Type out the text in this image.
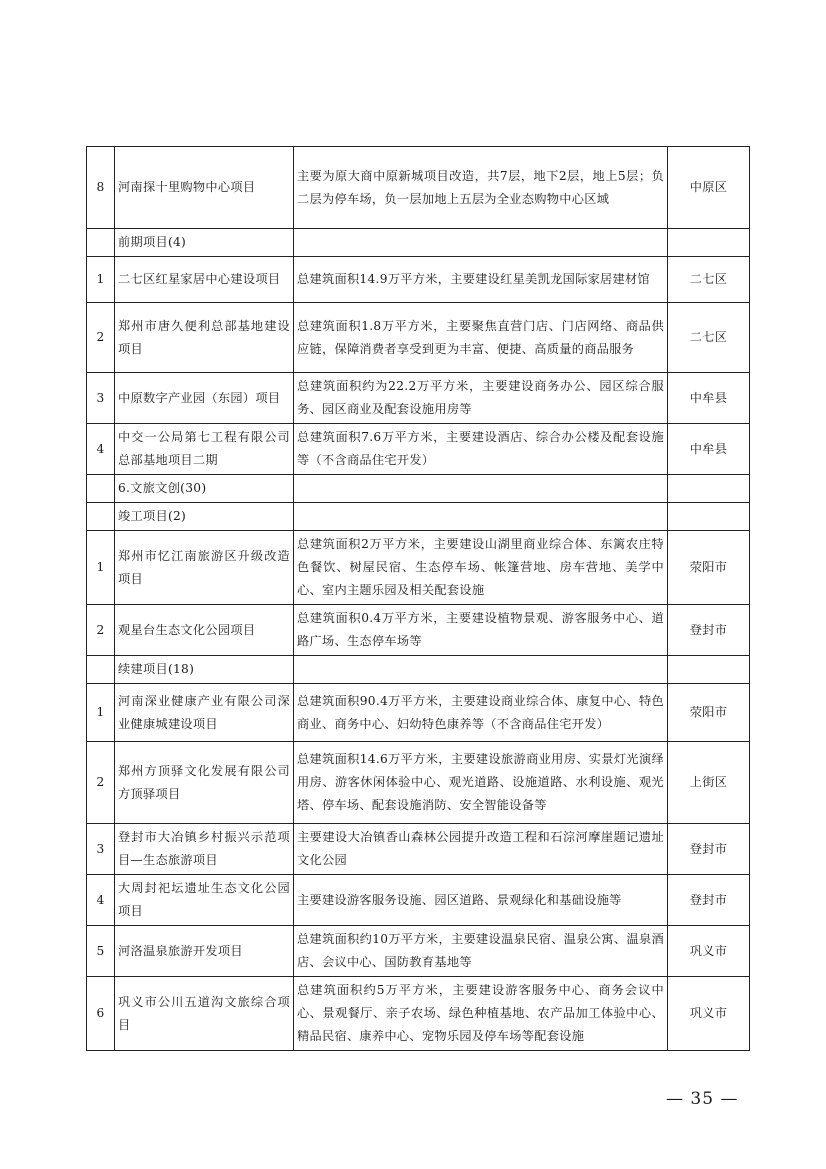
8	河南探十里购物中心项目	主要为原大商中原新城项目改造，共7层，地下2层，地上5层；负二层为停车场，负一层加地上五层为全业态购物中心区域	中原区
	前期项目(4)		
1	二七区红星家居中心建设项目	总建筑面积14.9万平方米，主要建设红星美凯龙国际家居建材馆	二七区
2	郑州市唐久便利总部基地建设项目	总建筑面积1.8万平方米，主要聚焦直营门店、门店网络、商品供应链，保障消费者享受到更为丰富、便捷、高质量的商品服务	二七区
3	中原数字产业园（东园）项目	总建筑面积约为22.2万平方米，主要建设商务办公、园区综合服务、园区商业及配套设施用房等	中牟县
4	中交一公局第七工程有限公司总部基地项目二期	总建筑面积7.6万平方米，主要建设酒店、综合办公楼及配套设施等（不含商品住宅开发）	中牟县
	6.文旅文创(30)		
	竣工项目(2)		
1	郑州市忆江南旅游区升级改造项目	总建筑面积2万平方米，主要建设山湖里商业综合体、东篱农庄特色餐饮、树屋民宿、生态停车场、帐篷营地、房车营地、美学中心、室内主题乐园及相关配套设施	荥阳市
2	观星台生态文化公园项目	总建筑面积0.4万平方米，主要建设植物景观、游客服务中心、道路广场、生态停车场等	登封市
	续建项目(18)		
1	河南深业健康产业有限公司深业健康城建设项目	总建筑面积90.4万平方米，主要建设商业综合体、康复中心、特色商业、商务中心、妇幼特色康养等（不含商品住宅开发）	荥阳市
2	郑州方顶驿文化发展有限公司方顶驿项目	总建筑面积14.6万平方米，主要建设旅游商业用房、实景灯光演绎用房、游客休闲体验中心、观光道路、设施道路、水利设施、观光塔、停车场、配套设施消防、安全智能设备等	上街区
3	登封市大冶镇乡村振兴示范项目—生态旅游项目	主要建设大冶镇香山森林公园提升改造工程和石淙河摩崖题记遗址文化公园	登封市
4	大周封祀坛遗址生态文化公园项目	主要建设游客服务设施、园区道路、景观绿化和基础设施等	登封市
5	河洛温泉旅游开发项目	总建筑面积约10万平方米，主要建设温泉民宿、温泉公寓、温泉酒店、会议中心、国防教育基地等	巩义市
6	巩义市公川五道沟文旅综合项目	总建筑面积约5万平方米，主要建设游客服务中心、商务会议中心、景观餐厅、亲子农场、绿色种植基地、农产品加工体验中心、精品民宿、康养中心、宠物乐园及停车场等配套设施	巩义市
— 35 —
